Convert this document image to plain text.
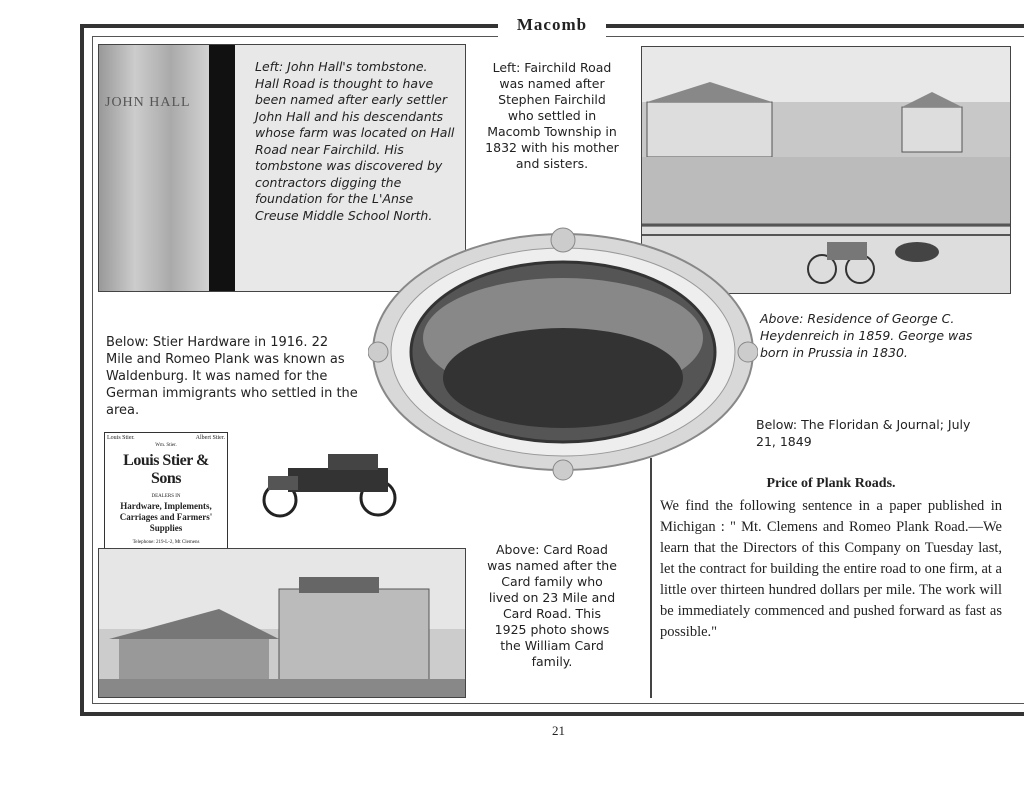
Macomb
JOHN HALL
Left: John Hall's tombstone. Hall Road is thought to have been named after early settler John Hall and his descendants whose farm was located on Hall Road near Fairchild. His tombstone was discovered by contractors digging the foundation for the L'Anse Creuse Middle School North.
Left: Fairchild Road was named after Stephen Fairchild who settled in Macomb Township in 1832 with his mother and sisters.
Above: Residence of George C. Heydenreich in 1859. George was born in Prussia in 1830.
Below: Stier Hardware in 1916. 22 Mile and Romeo Plank was known as Waldenburg. It was named for the German immigrants who settled in the area.
Louis Stier.	Albert Stier.
Wm. Stier.
Louis Stier & Sons
DEALERS IN
Hardware, Implements, Carriages and Farmers' Supplies
Telephone: 219-L-2, Mt Clemens	Above: Card Road was named after the Card family who lived on 23 Mile and Card Road. This 1925 photo shows the William Card family.
Below: The Floridan & Journal; July 21, 1849
Price of Plank Roads.
We find the following sentence in a paper published in Michigan : " Mt. Clemens and Romeo Plank Road.—We learn that the Directors of this Company on Tuesday last, let the contract for building the entire road to one firm, at a little over thirteen hundred dollars per mile. The work will be immediately commenced and pushed forward as fast as possible."
21
